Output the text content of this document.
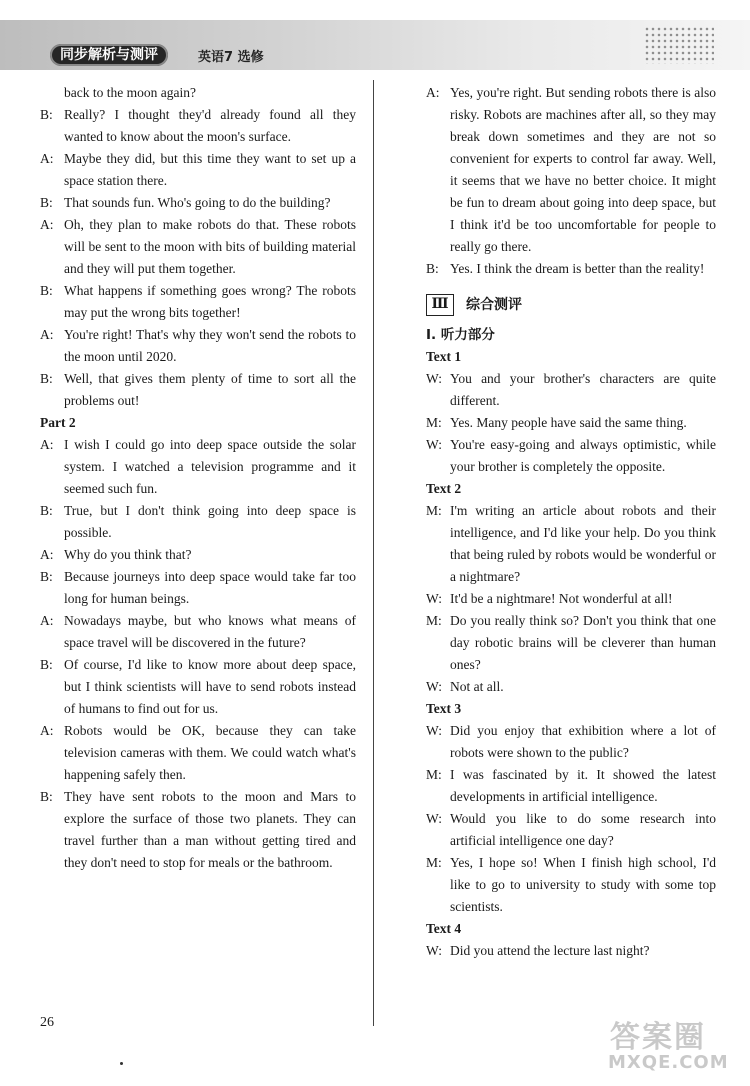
同步解析与测评	英语7 选修
back to the moon again?
B: Really? I thought they'd already found all they wanted to know about the moon's surface.
A: Maybe they did, but this time they want to set up a space station there.
B: That sounds fun. Who's going to do the building?
A: Oh, they plan to make robots do that. These robots will be sent to the moon with bits of building material and they will put them together.
B: What happens if something goes wrong? The robots may put the wrong bits together!
A: You're right! That's why they won't send the robots to the moon until 2020.
B: Well, that gives them plenty of time to sort all the problems out!
Part 2
A: I wish I could go into deep space outside the solar system. I watched a television programme and it seemed such fun.
B: True, but I don't think going into deep space is possible.
A: Why do you think that?
B: Because journeys into deep space would take far too long for human beings.
A: Nowadays maybe, but who knows what means of space travel will be discovered in the future?
B: Of course, I'd like to know more about deep space, but I think scientists will have to send robots instead of humans to find out for us.
A: Robots would be OK, because they can take television cameras with them. We could watch what's happening safely then.
B: They have sent robots to the moon and Mars to explore the surface of those two planets. They can travel further than a man without getting tired and they don't need to stop for meals or the bathroom.
A: Yes, you're right. But sending robots there is also risky. Robots are machines after all, so they may break down sometimes and they are not so convenient for experts to control far away. Well, it seems that we have no better choice. It might be fun to dream about going into deep space, but I think it'd be too uncomfortable for people to really go there.
B: Yes. I think the dream is better than the reality!
Ⅲ	综合测评
Ⅰ. 听力部分
Text 1
W: You and your brother's characters are quite different.
M: Yes. Many people have said the same thing.
W: You're easy-going and always optimistic, while your brother is completely the opposite.
Text 2
M: I'm writing an article about robots and their intelligence, and I'd like your help. Do you think that being ruled by robots would be wonderful or a nightmare?
W: It'd be a nightmare! Not wonderful at all!
M: Do you really think so? Don't you think that one day robotic brains will be cleverer than human ones?
W: Not at all.
Text 3
W: Did you enjoy that exhibition where a lot of robots were shown to the public?
M: I was fascinated by it. It showed the latest developments in artificial intelligence.
W: Would you like to do some research into artificial intelligence one day?
M: Yes, I hope so! When I finish high school, I'd like to go to university to study with some top scientists.
Text 4
W: Did you attend the lecture last night?
26	答案圈
MXQE.COM
